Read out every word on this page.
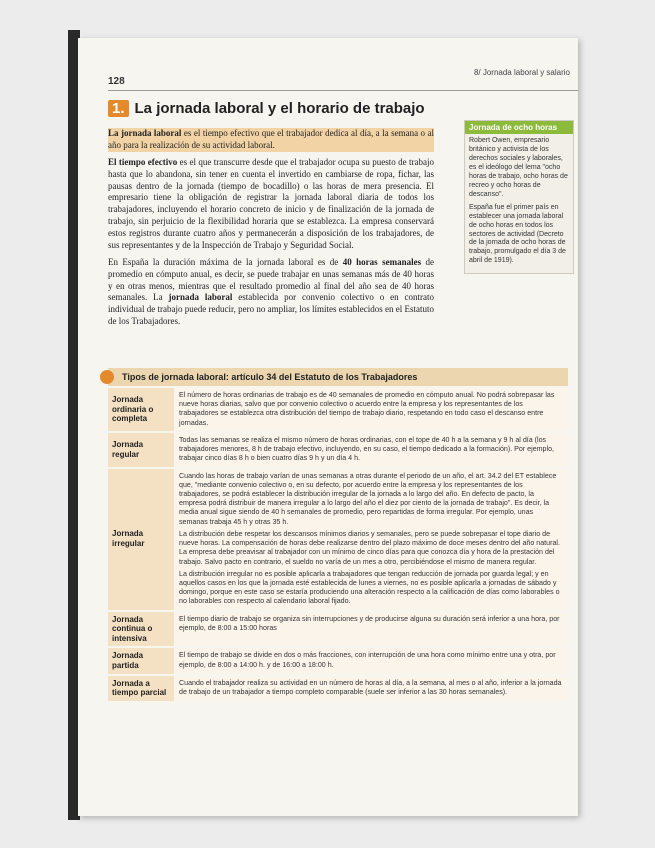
128
8/ Jornada laboral y salario
1. La jornada laboral y el horario de trabajo

La jornada laboral es el tiempo efectivo que el trabajador dedica al día, a la semana o al año para la realización de su actividad laboral.

El tiempo efectivo es el que transcurre desde que el trabajador ocupa su puesto de trabajo hasta que lo abandona, sin tener en cuenta el invertido en cambiarse de ropa, fichar, las pausas dentro de la jornada (tiempo de bocadillo) o las horas de mera presencia. El empresario tiene la obligación de registrar la jornada laboral diaria de todos los trabajadores, incluyendo el horario concreto de inicio y de finalización de la jornada de trabajo, sin perjuicio de la flexibilidad horaria que se establezca. La empresa conservará estos registros durante cuatro años y permanecerán a disposición de los trabajadores, de sus representantes y de la Inspección de Trabajo y Seguridad Social.

En España la duración máxima de la jornada laboral es de 40 horas semanales de promedio en cómputo anual, es decir, se puede trabajar en unas semanas más de 40 horas y en otras menos, mientras que el resultado promedio al final del año sea de 40 horas semanales. La jornada laboral establecida por convenio colectivo o en contrato individual de trabajo puede reducir, pero no ampliar, los límites establecidos en el Estatuto de los Trabajadores.

Jornada de ocho horas

Robert Owen, empresario británico y activista de los derechos sociales y laborales, es el ideólogo del lema "ocho horas de trabajo, ocho horas de recreo y ocho horas de descanso".

España fue el primer país en establecer una jornada laboral de ocho horas en todos los sectores de actividad (Decreto de la jornada de ocho horas de trabajo, promulgado el día 3 de abril de 1919).

Tipos de jornada laboral: artículo 34 del Estatuto de los Trabajadores
Jornada ordinaria o completa

El número de horas ordinarias de trabajo es de 40 semanales de promedio en cómputo anual. No podrá sobrepasar las nueve horas diarias, salvo que por convenio colectivo o acuerdo entre la empresa y los representantes de los trabajadores se establezca otra distribución del tiempo de trabajo diario, respetando en todo caso el descanso entre jornadas.

Jornada regular

Todas las semanas se realiza el mismo número de horas ordinarias, con el tope de 40 h a la semana y 9 h al día (los trabajadores menores, 8 h de trabajo efectivo, incluyendo, en su caso, el tiempo dedicado a la formación). Por ejemplo, trabajar cinco días 8 h o bien cuatro días 9 h y un día 4 h.

Jornada irregular

Cuando las horas de trabajo varían de unas semanas a otras durante el periodo de un año, el art. 34.2 del ET establece que, "mediante convenio colectivo o, en su defecto, por acuerdo entre la empresa y los representantes de los trabajadores, se podrá establecer la distribución irregular de la jornada a lo largo del año. En defecto de pacto, la empresa podrá distribuir de manera irregular a lo largo del año el diez por ciento de la jornada de trabajo". Es decir, la media anual sigue siendo de 40 h semanales de promedio, pero repartidas de forma irregular. Por ejemplo, unas semanas trabaja 45 h y otras 35 h.

La distribución debe respetar los descansos mínimos diarios y semanales, pero se puede sobrepasar el tope diario de nueve horas. La compensación de horas debe realizarse dentro del plazo máximo de doce meses dentro del año natural. La empresa debe preavisar al trabajador con un mínimo de cinco días para que conozca día y hora de la prestación del trabajo. Salvo pacto en contrario, el sueldo no varía de un mes a otro, percibiéndose el mismo de manera regular.

La distribución irregular no es posible aplicarla a trabajadores que tengan reducción de jornada por guarda legal; y en aquellos casos en los que la jornada esté establecida de lunes a viernes, no es posible aplicarla a jornadas de sábado y domingo, porque en este caso se estaría produciendo una alteración respecto a la calificación de días como laborables o no laborables con respecto al calendario laboral fijado.

Jornada continua o intensiva

El tiempo diario de trabajo se organiza sin interrupciones y de producirse alguna su duración será inferior a una hora, por ejemplo, de 8:00 a 15:00 horas

Jornada partida

El tiempo de trabajo se divide en dos o más fracciones, con interrupción de una hora como mínimo entre una y otra, por ejemplo, de 8:00 a 14:00 h. y de 16:00 a 18:00 h.

Jornada a tiempo parcial

Cuando el trabajador realiza su actividad en un número de horas al día, a la semana, al mes o al año, inferior a la jornada de trabajo de un trabajador a tiempo completo comparable (suele ser inferior a las 30 horas semanales).
